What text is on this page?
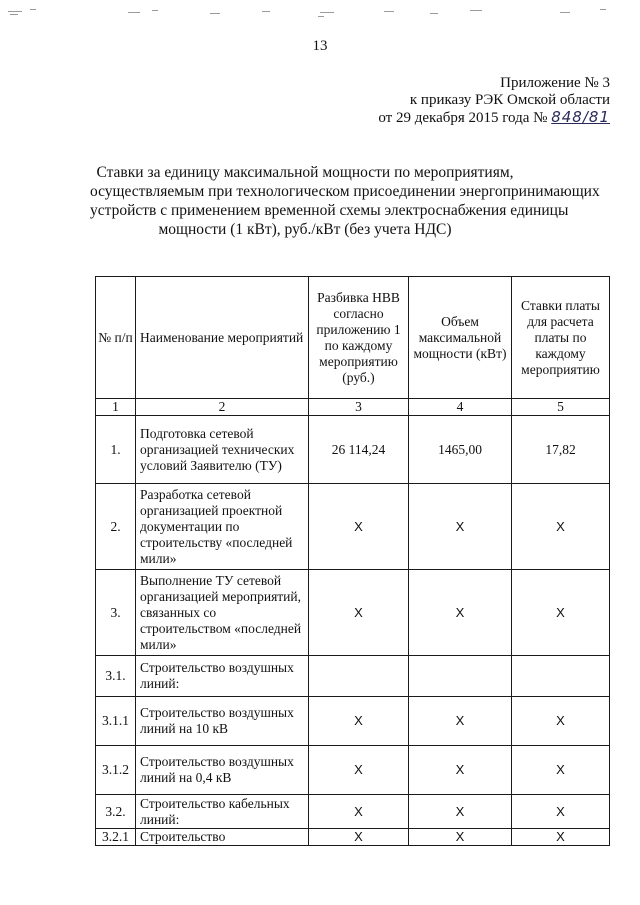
13
Приложение № 3
к приказу РЭК Омской области
от 29 декабря 2015 года № 848/81
Ставки за единицу максимальной мощности по мероприятиям,
осуществляемым при технологическом присоединении энергопринимающих
устройств с применением временной схемы электроснабжения единицы
мощности (1 кВт), руб./кВт (без учета НДС)
№ п/п	Наименование мероприятий	Разбивка НВВ согласно приложению 1 по каждому мероприятию (руб.)	Объем максимальной мощности (кВт)	Ставки платы для расчета платы по каждому мероприятию
1	2	3	4	5
1.	Подготовка сетевой организацией технических условий Заявителю (ТУ)	26 114,24	1465,00	17,82
2.	Разработка сетевой организацией проектной документации по строительству «последней мили»	X	X	X
3.	Выполнение ТУ сетевой организацией мероприятий, связанных со строительством «последней мили»	X	X	X
3.1.	Строительство воздушных линий:			
3.1.1	Строительство воздушных линий на 10 кВ	X	X	X
3.1.2	Строительство воздушных линий на 0,4 кВ	X	X	X
3.2.	Строительство кабельных линий:	X	X	X
3.2.1	Строительство	X	X	X
